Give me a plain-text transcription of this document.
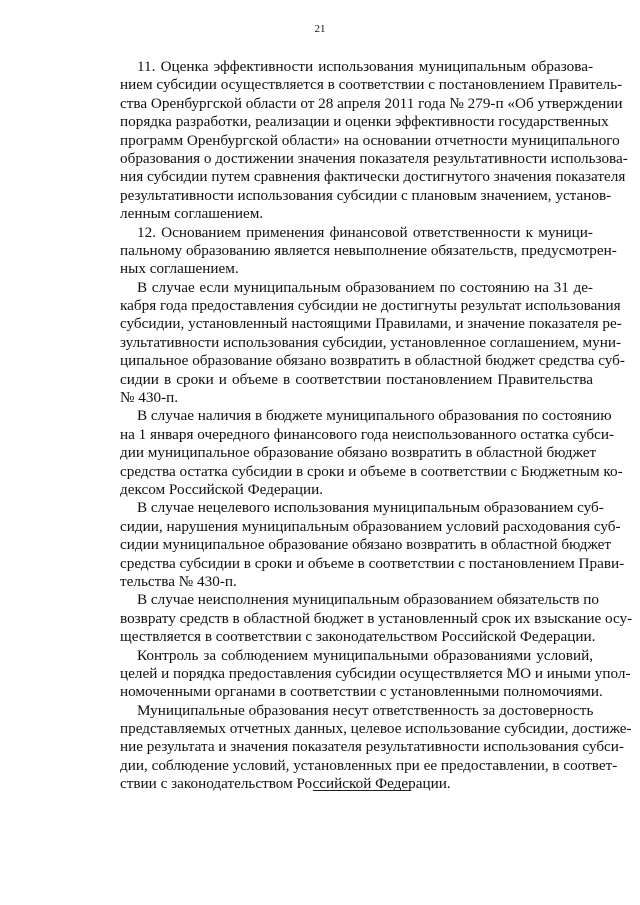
21
11. Оценка эффективности использования муниципальным образова-
нием субсидии осуществляется в соответствии с постановлением Правитель-
ства Оренбургской области от 28 апреля 2011 года № 279-п «Об утверждении
порядка разработки, реализации и оценки эффективности государственных
программ Оренбургской области» на основании отчетности муниципального
образования о достижении значения показателя результативности использова-
ния субсидии путем сравнения фактически достигнутого значения показателя
результативности использования субсидии с плановым значением, установ-
ленным соглашением.
12. Основанием применения финансовой ответственности к муници-
пальному образованию является невыполнение обязательств, предусмотрен-
ных соглашением.
В случае если муниципальным образованием по состоянию на 31 де-
кабря года предоставления субсидии не достигнуты результат использования
субсидии, установленный настоящими Правилами, и значение показателя ре-
зультативности использования субсидии, установленное соглашением, муни-
ципальное образование обязано возвратить в областной бюджет средства суб-
сидии в сроки и объеме в соответствии постановлением Правительства
№ 430-п.
В случае наличия в бюджете муниципального образования по состоянию
на 1 января очередного финансового года неиспользованного остатка субси-
дии муниципальное образование обязано возвратить в областной бюджет
средства остатка субсидии в сроки и объеме в соответствии с Бюджетным ко-
дексом Российской Федерации.
В случае нецелевого использования муниципальным образованием суб-
сидии, нарушения муниципальным образованием условий расходования суб-
сидии муниципальное образование обязано возвратить в областной бюджет
средства субсидии в сроки и объеме в соответствии с постановлением Прави-
тельства № 430-п.
В случае неисполнения муниципальным образованием обязательств по
возврату средств в областной бюджет в установленный срок их взыскание осу-
ществляется в соответствии с законодательством Российской Федерации.
Контроль за соблюдением муниципальными образованиями условий,
целей и порядка предоставления субсидии осуществляется МО и иными упол-
номоченными органами в соответствии с установленными полномочиями.
Муниципальные образования несут ответственность за достоверность
представляемых отчетных данных, целевое использование субсидии, достиже-
ние результата и значения показателя результативности использования субси-
дии, соблюдение условий, установленных при ее предоставлении, в соответ-
ствии с законодательством Российской Федерации.
